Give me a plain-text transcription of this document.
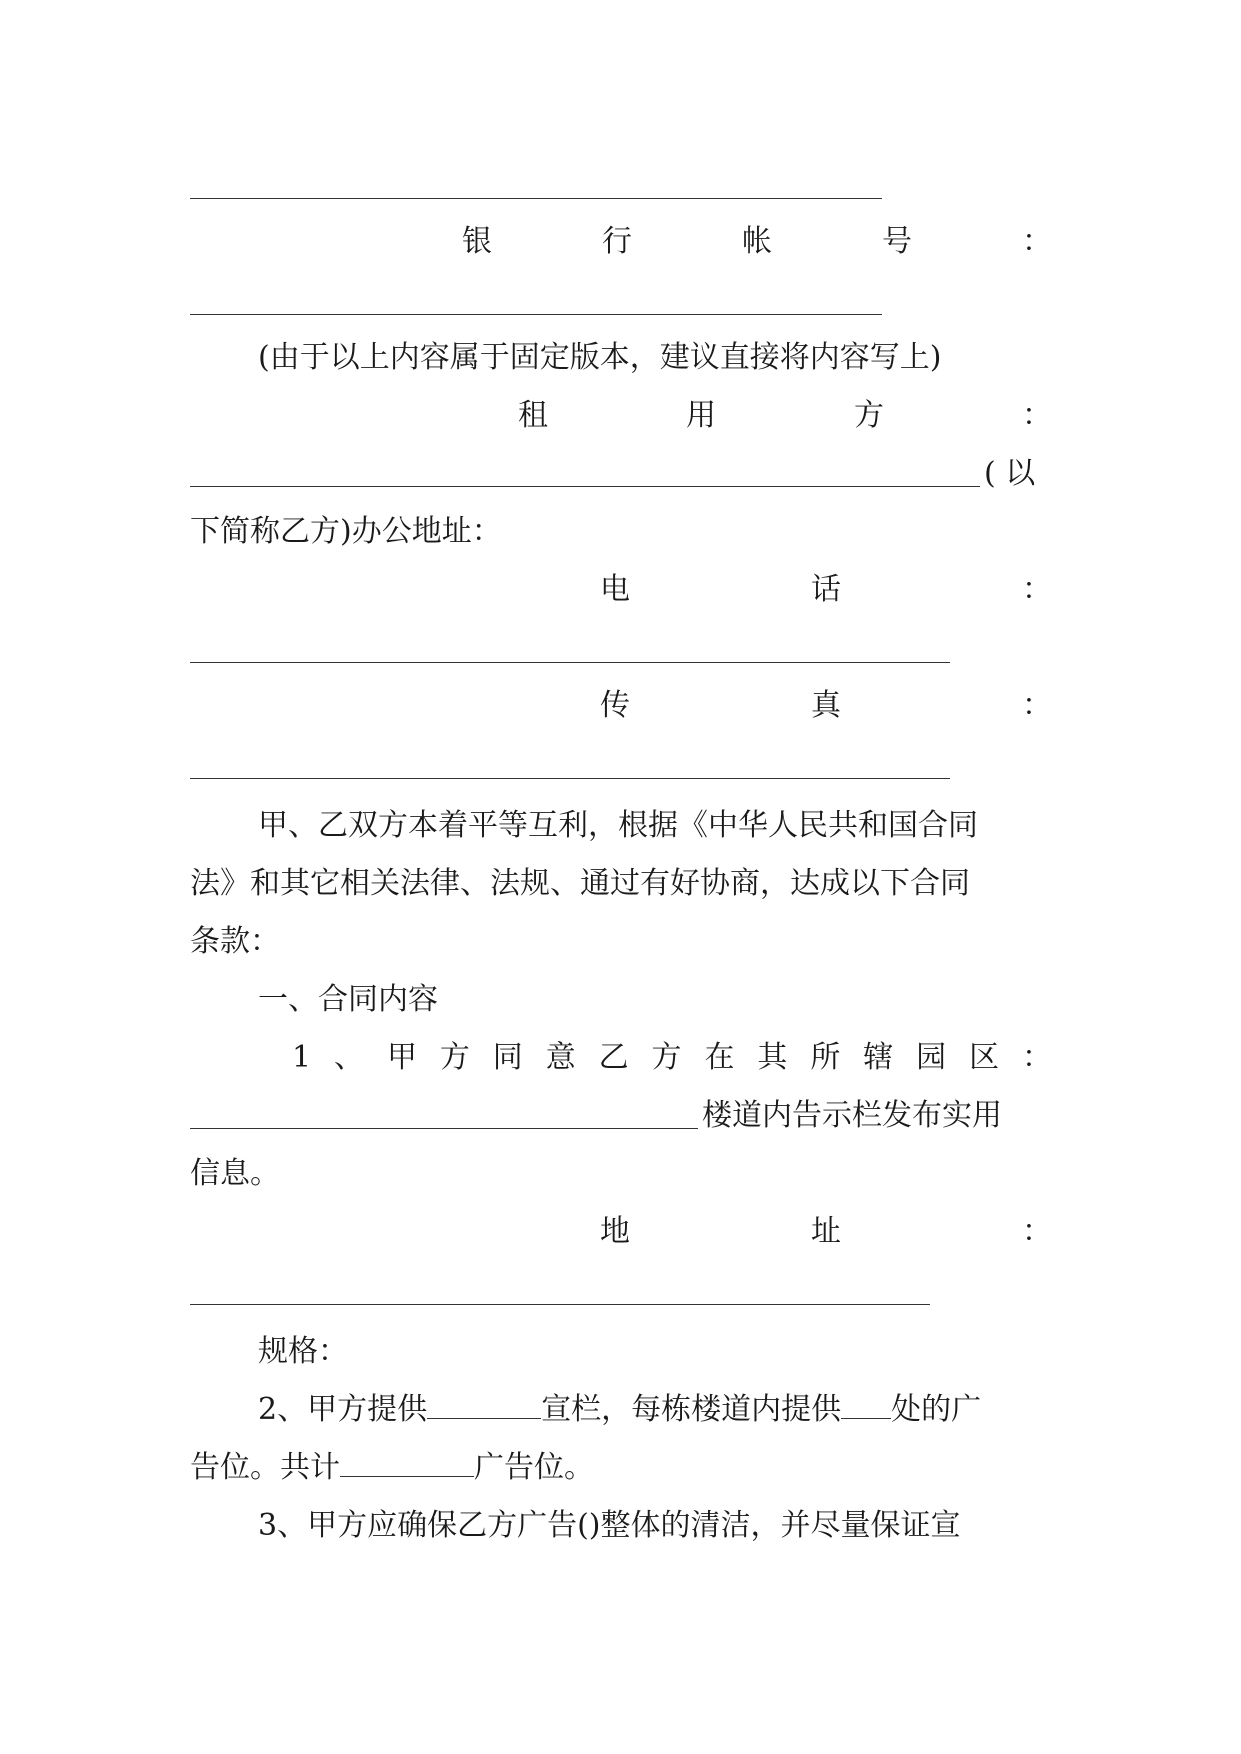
银	行	帐	号	：
(由于以上内容属于固定版本，建议直接将内容写上)
租	用	方	：
( 以
下简称乙方)办公地址：
电	话	：
传	真	：
甲、乙双方本着平等互利，根据《中华人民共和国合同
法》和其它相关法律、法规、通过有好协商，达成以下合同
条款：
一、合同内容
1 、 甲 方 同 意 乙 方 在 其 所 辖 园 区 ：
楼道内告示栏发布实用
信息。
地	址	：
规格：
2、甲方提供	宣栏，每栋楼道内提供 处的广
告位。共计	广告位。
3、甲方应确保乙方广告()整体的清洁，并尽量保证宣
